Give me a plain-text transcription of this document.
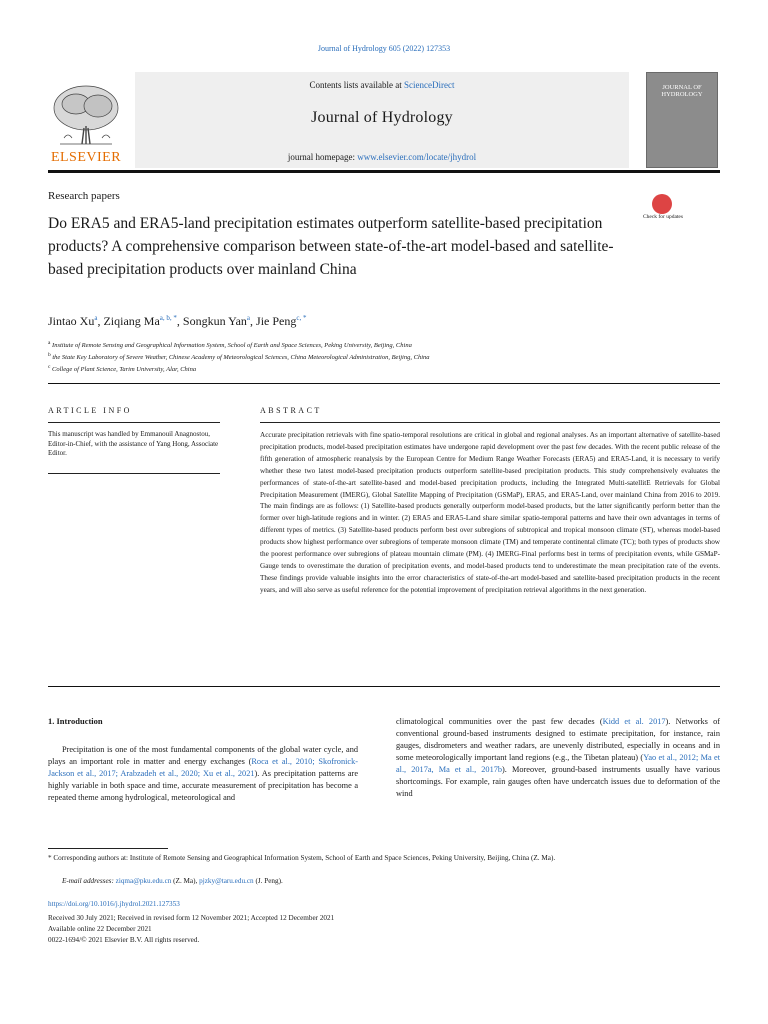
Journal of Hydrology 605 (2022) 127353
Contents lists available at ScienceDirect
Journal of Hydrology
journal homepage: www.elsevier.com/locate/jhydrol
ELSEVIER
JOURNAL OF HYDROLOGY
Research papers
Do ERA5 and ERA5-land precipitation estimates outperform satellite-based precipitation products? A comprehensive comparison between state-of-the-art model-based and satellite-based precipitation products over mainland China
Check for updates
Jintao Xu$^a$, Ziqiang $Ma^{a, b, *}$, Songkun Yan$^a$, Jie Peng$^{c, *}$
$^a$ Institute of Remote Sensing and Geographical Information System, School of Earth and Space Sciences, Peking University, Beijing, China
$^b$ the State Key Laboratory of Severe Weather, Chinese Academy of Meteorological Sciences, China Meteorological Administration, Beijing, China
$^c$ College of Plant Science, Tarim University, Alar, China
ARTICLE INFO	ABSTRACT
This manuscript was handled by Emmanouil Anagnostou, Editor-in-Chief, with the assistance of Yang Hong, Associate Editor.
Accurate precipitation retrievals with fine spatio-temporal resolutions are critical in global and regional analyses. As an important alternative of satellite-based precipitation products, model-based precipitation estimates have undergone rapid development over the past few decades. With the recent public release of the fifth generation of atmospheric reanalysis by the European Centre for Medium Range Weather Forecasts (ERA5) and ERA5-Land, it is necessary to verify whether these two latest model-based precipitation products outperform satellite-based precipitation products. This study comprehensively evaluates the performances of state-of-the-art satellite-based and model-based precipitation products, including the Integrated Multi-satellitE Retrievals for Global Precipitation Measurement (IMERG), Global Satellite Mapping of Precipitation (GSMaP), ERA5, and ERA5-Land, over mainland China from 2016 to 2019. The main findings are as follows: (1) Satellite-based products generally outperform model-based products, but the latter significantly perform better than the former over high-latitude regions and in winter. (2) ERA5 and ERA5-Land share similar spatio-temporal patterns and have their own advantages in terms of different types of metrics. (3) Satellite-based products perform best over subregions of subtropical and tropical monsoon climate (ST), whereas model-based products show highest performance over subregions of temperate monsoon climate (TM) and temperate continental climate (TC); both types of products show the poorest performance over subregions of plateau mountain climate (PM). (4) IMERG-Final performs best in terms of precipitation events, while GSMaP-Gauge tends to overestimate the duration of precipitation events, and model-based products tend to underestimate the mean precipitation rate of the events. These findings provide valuable insights into the error characteristics of state-of-the-art model-based and satellite-based precipitation products in the recent years, and will also serve as useful reference for the potential improvement of precipitation retrieval algorithms in the next generation.
1. Introduction
Precipitation is one of the most fundamental components of the global water cycle, and plays an important role in matter and energy exchanges (Roca et al., 2010; Skofronick-Jackson et al., 2017; Arabzadeh et al., 2020; Xu et al., 2021). As precipitation patterns are highly variable in both space and time, accurate measurement of precipitation has become a repeated theme among hydrological, meteorological and
climatological communities over the past few decades (Kidd et al. 2017). Networks of conventional ground-based instruments designed to estimate precipitation, for instance, rain gauges, disdrometers and weather radars, are unevenly distributed, especially in oceans and in some meteorologically important land regions (e.g., the Tibetan plateau) (Yao et al., 2012; Ma et al., 2017a, Ma et al., 2017b). Moreover, ground-based instruments usually have various shortcomings. For example, rain gauges often have undercatch issues due to deformation of the wind
* Corresponding authors at: Institute of Remote Sensing and Geographical Information System, School of Earth and Space Sciences, Peking University, Beijing, China (Z. Ma).
E-mail addresses: ziqma@pku.edu.cn (Z. Ma), pjzky@taru.edu.cn (J. Peng).
https://doi.org/10.1016/j.jhydrol.2021.127353
Received 30 July 2021; Received in revised form 12 November 2021; Accepted 12 December 2021
Available online 22 December 2021
0022-1694/© 2021 Elsevier B.V. All rights reserved.
